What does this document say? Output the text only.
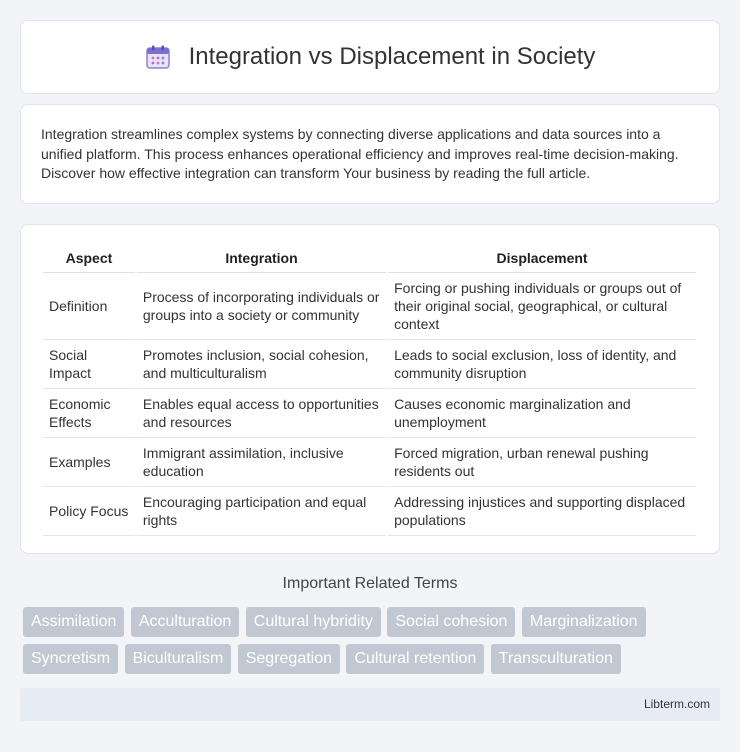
Integration vs Displacement in Society

Integration streamlines complex systems by connecting diverse applications and data sources into a unified platform. This process enhances operational efficiency and improves real-time decision-making. Discover how effective integration can transform Your business by reading the full article.

Aspect	Integration	Displacement
Definition	Process of incorporating individuals or groups into a society or community	Forcing or pushing individuals or groups out of their original social, geographical, or cultural context
Social Impact	Promotes inclusion, social cohesion, and multiculturalism	Leads to social exclusion, loss of identity, and community disruption
Economic Effects	Enables equal access to opportunities and resources	Causes economic marginalization and unemployment
Examples	Immigrant assimilation, inclusive education	Forced migration, urban renewal pushing residents out
Policy Focus	Encouraging participation and equal rights	Addressing injustices and supporting displaced populations
Important Related Terms
Assimilation Acculturation Cultural hybridity Social cohesion Marginalization
Syncretism Biculturalism Segregation Cultural retention Transculturation
Libterm.com
